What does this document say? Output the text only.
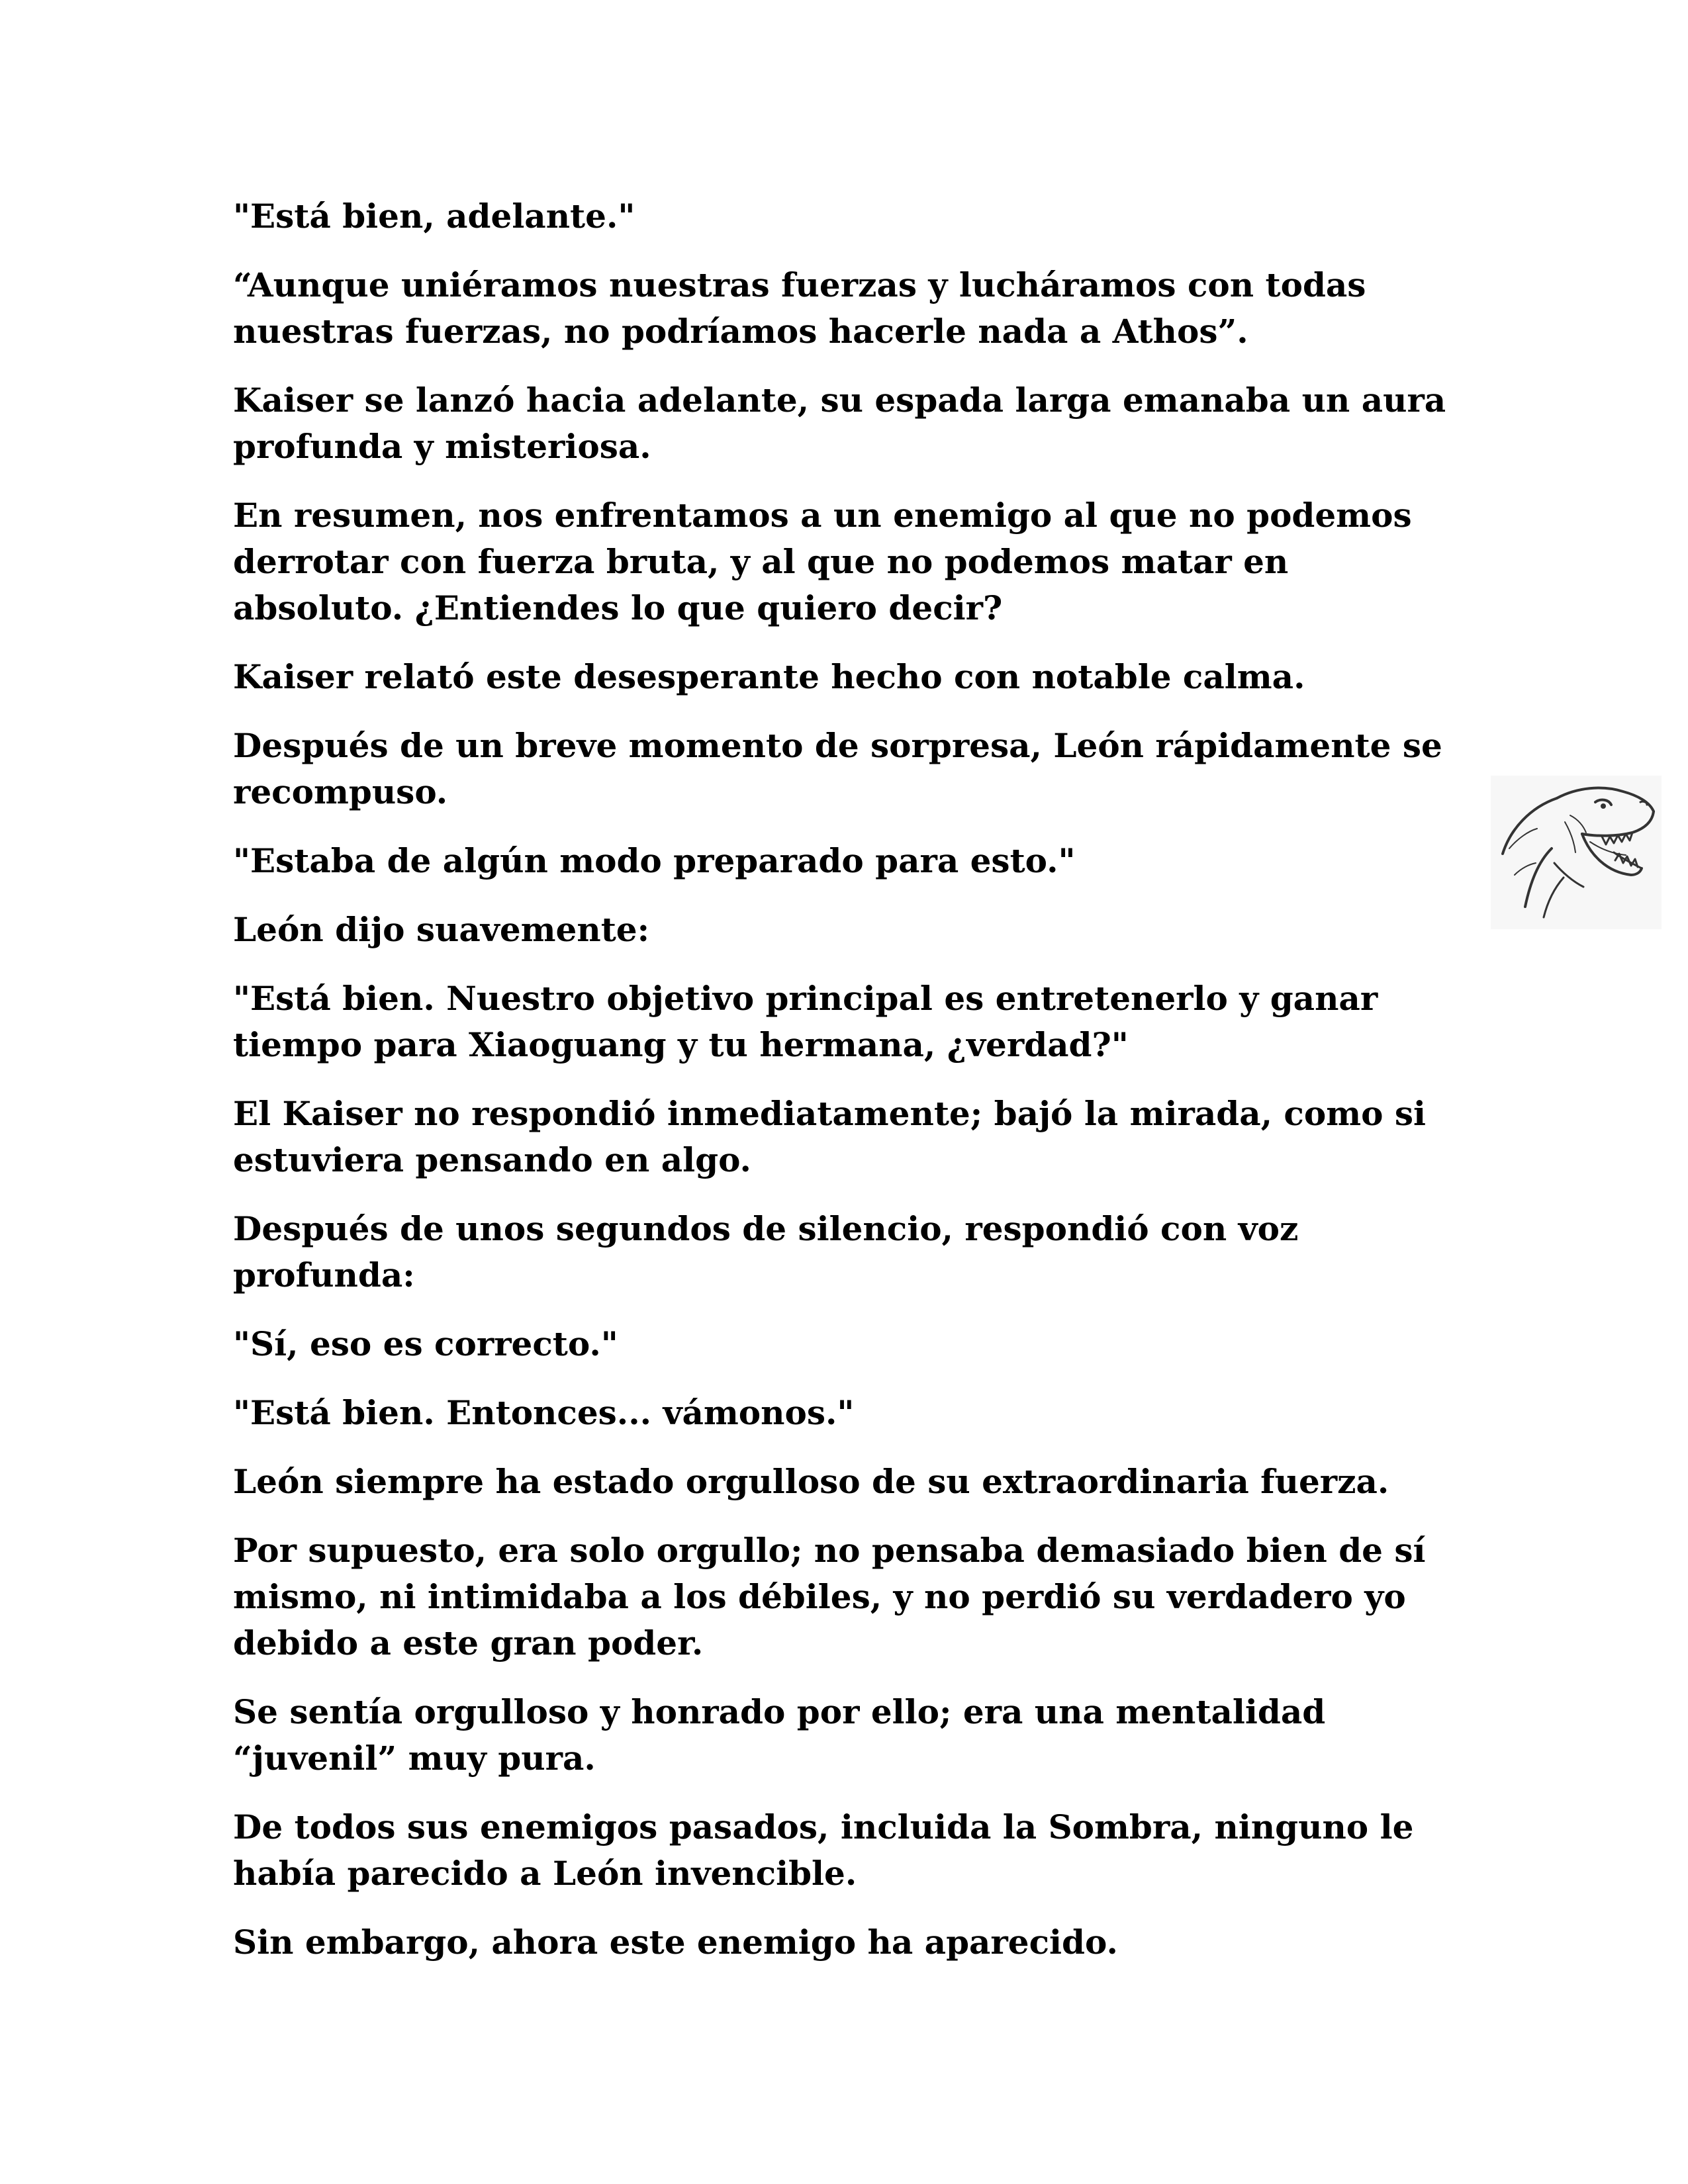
"Está bien, adelante."

“Aunque uniéramos nuestras fuerzas y lucháramos con todas nuestras fuerzas, no podríamos hacerle nada a Athos”.

Kaiser se lanzó hacia adelante, su espada larga emanaba un aura profunda y misteriosa.

En resumen, nos enfrentamos a un enemigo al que no podemos derrotar con fuerza bruta, y al que no podemos matar en absoluto. ¿Entiendes lo que quiero decir?

Kaiser relató este desesperante hecho con notable calma.

Después de un breve momento de sorpresa, León rápidamente se recompuso.

"Estaba de algún modo preparado para esto."

León dijo suavemente:

"Está bien. Nuestro objetivo principal es entretenerlo y ganar tiempo para Xiaoguang y tu hermana, ¿verdad?"

El Kaiser no respondió inmediatamente; bajó la mirada, como si estuviera pensando en algo.

Después de unos segundos de silencio, respondió con voz profunda:

"Sí, eso es correcto."

"Está bien. Entonces... vámonos."

León siempre ha estado orgulloso de su extraordinaria fuerza.

Por supuesto, era solo orgullo; no pensaba demasiado bien de sí mismo, ni intimidaba a los débiles, y no perdió su verdadero yo debido a este gran poder.

Se sentía orgulloso y honrado por ello; era una mentalidad “juvenil” muy pura.

De todos sus enemigos pasados, incluida la Sombra, ninguno le había parecido a León invencible.

Sin embargo, ahora este enemigo ha aparecido.
